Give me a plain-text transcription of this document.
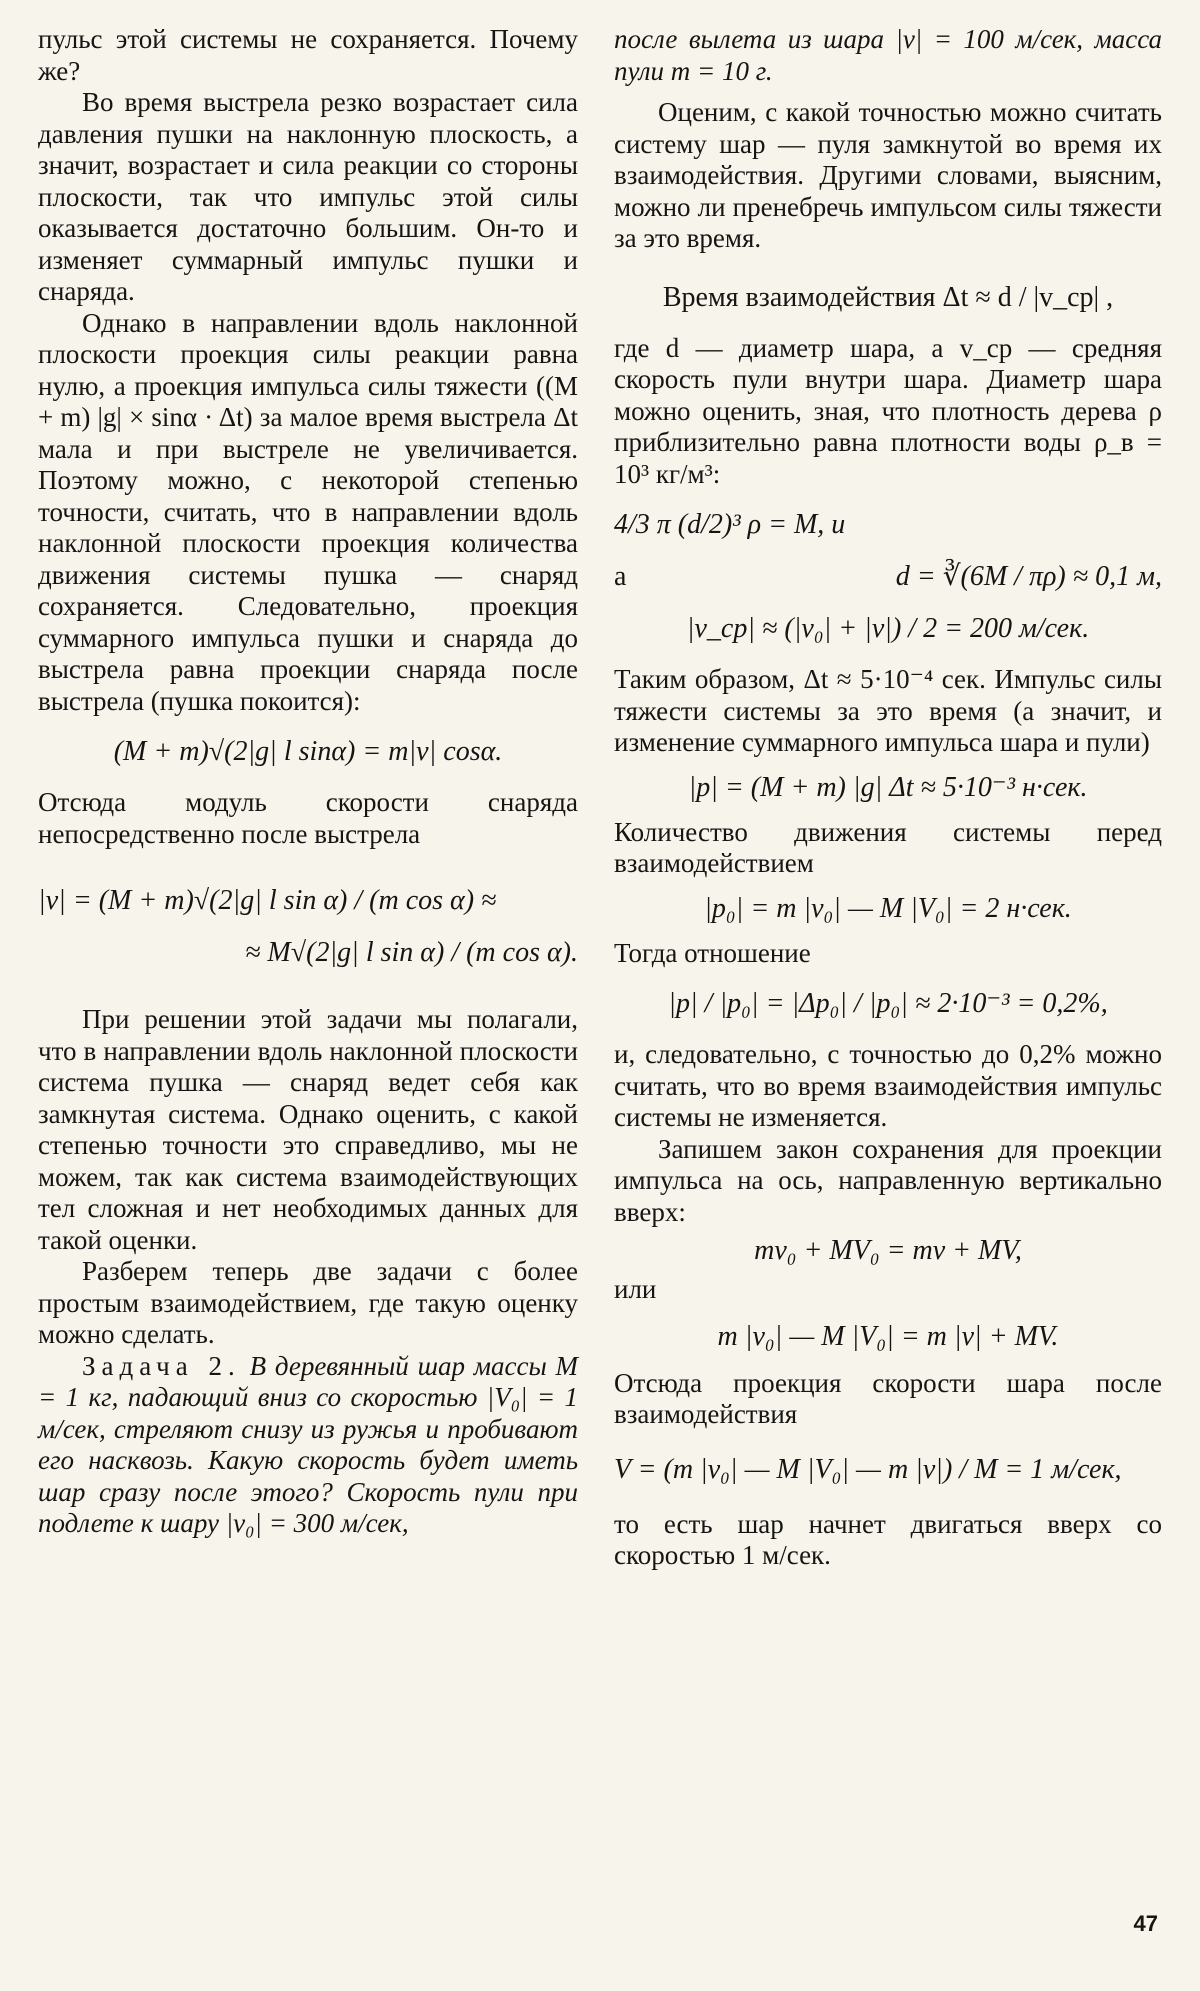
пульс этой системы не сохраняется. Почему же?

Во время выстрела резко возрастает сила давления пушки на наклонную плоскость, а значит, возрастает и сила реакции со стороны плоскости, так что импульс этой силы оказывается достаточно большим. Он-то и изменяет суммарный импульс пушки и снаряда.

Однако в направлении вдоль наклонной плоскости проекция силы реакции равна нулю, а проекция импульса силы тяжести ((M + m) |g| × sinα · Δt) за малое время выстрела Δt мала и при выстреле не увеличивается. Поэтому можно, с некоторой степенью точности, считать, что в направлении вдоль наклонной плоскости проекция количества движения системы пушка — снаряд сохраняется. Следовательно, проекция суммарного импульса пушки и снаряда до выстрела равна проекции снаряда после выстрела (пушка покоится):

(M + m)√(2|g| l sinα) = m|v| cosα.

Отсюда модуль скорости снаряда непосредственно после выстрела

|v| = (M + m)√(2|g| l sin α) / (m cos α) ≈
≈ M√(2|g| l sin α) / (m cos α).

При решении этой задачи мы полагали, что в направлении вдоль наклонной плоскости система пушка — снаряд ведет себя как замкнутая система. Однако оценить, с какой степенью точности это справедливо, мы не можем, так как система взаимодействующих тел сложная и нет необходимых данных для такой оценки.

Разберем теперь две задачи с более простым взаимодействием, где такую оценку можно сделать.

Задача 2. В деревянный шар массы M = 1 кг, падающий вниз со скоростью |V₀| = 1 м/сек, стреляют снизу из ружья и пробивают его насквозь. Какую скорость будет иметь шар сразу после этого? Скорость пули при подлете к шару |v₀| = 300 м/сек,

после вылета из шара |v| = 100 м/сек, масса пули m = 10 г.

Оценим, с какой точностью можно считать систему шар — пуля замкнутой во время их взаимодействия. Другими словами, выясним, можно ли пренебречь импульсом силы тяжести за это время.

Время взаимодействия Δt ≈ d / |v_ср| ,

где d — диаметр шара, а v_ср — средняя скорость пули внутри шара. Диаметр шара можно оценить, зная, что плотность дерева ρ приблизительно равна плотности воды ρ_в = 10³ кг/м³:

4/3 π (d/2)³ ρ = M, и
а	d = ∛(6M / πρ) ≈ 0,1 м,
|v_ср| ≈ (|v₀| + |v|) / 2 = 200 м/сек.

Таким образом, Δt ≈ 5·10⁻⁴ сек. Импульс силы тяжести системы за это время (а значит, и изменение суммарного импульса шара и пули)

|p| = (M + m) |g| Δt ≈ 5·10⁻³ н·сек.

Количество движения системы перед взаимодействием

|p₀| = m |v₀| — M |V₀| = 2 н·сек.

Тогда отношение

|p| / |p₀| = |Δp₀| / |p₀| ≈ 2·10⁻³ = 0,2%,

и, следовательно, с точностью до 0,2% можно считать, что во время взаимодействия импульс системы не изменяется.

Запишем закон сохранения для проекции импульса на ось, направленную вертикально вверх:

mv₀ + MV₀ = mv + MV,

или

m |v₀| — M |V₀| = m |v| + MV.

Отсюда проекция скорости шара после взаимодействия

V = (m |v₀| — M |V₀| — m |v|) / M = 1 м/сек,

то есть шар начнет двигаться вверх со скоростью 1 м/сек.

47
